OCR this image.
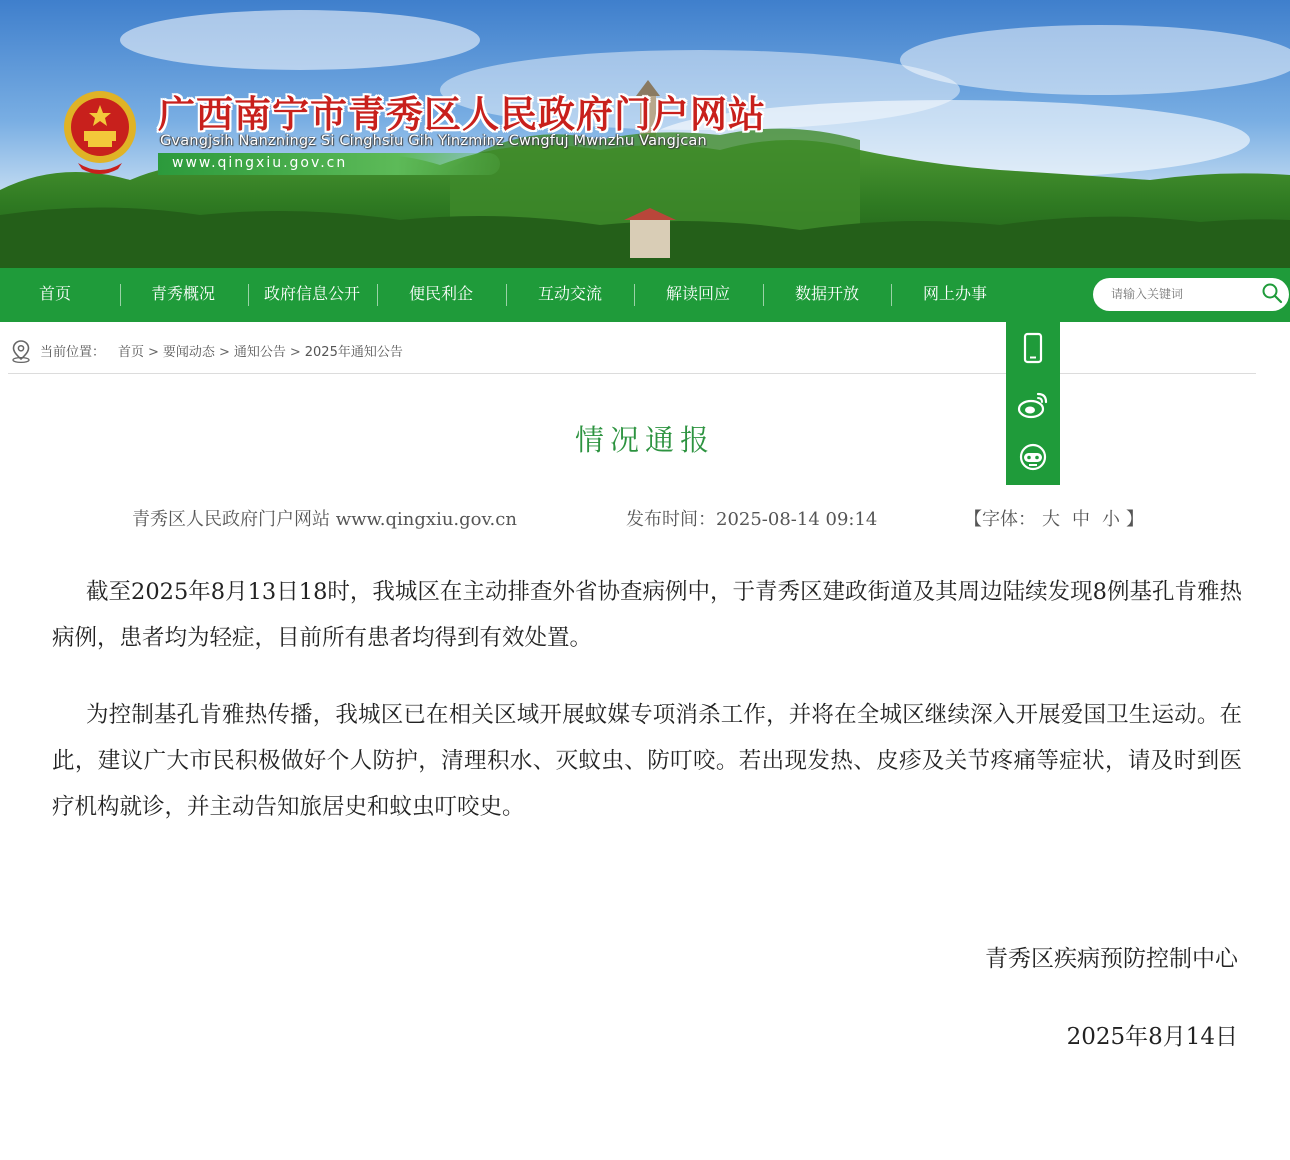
广西南宁市青秀区人民政府门户网站
Gvangjsih Nanzningz Si Cinghsiu Gih Yinzminz Cwngfuj Mwnzhu Vangjcan
www.qingxiu.gov.cn
首页	青秀概况	政府信息公开	便民利企	互动交流	解读回应	数据开放	网上办事
请输入关键词
当前位置： 首页 > 要闻动态 > 通知公告 > 2025年通知公告
情况通报
青秀区人民政府门户网站 www.qingxiu.gov.cn	发布时间：2025-08-14 09:14	【字体： 大 中 小 】
截至2025年8月13日18时，我城区在主动排查外省协查病例中，于青秀区建政街道及其周边陆续发现8例基孔肯雅热病例，患者均为轻症，目前所有患者均得到有效处置。
为控制基孔肯雅热传播，我城区已在相关区域开展蚊媒专项消杀工作，并将在全城区继续深入开展爱国卫生运动。在此，建议广大市民积极做好个人防护，清理积水、灭蚊虫、防叮咬。若出现发热、皮疹及关节疼痛等症状，请及时到医疗机构就诊，并主动告知旅居史和蚊虫叮咬史。
青秀区疾病预防控制中心
2025年8月14日
